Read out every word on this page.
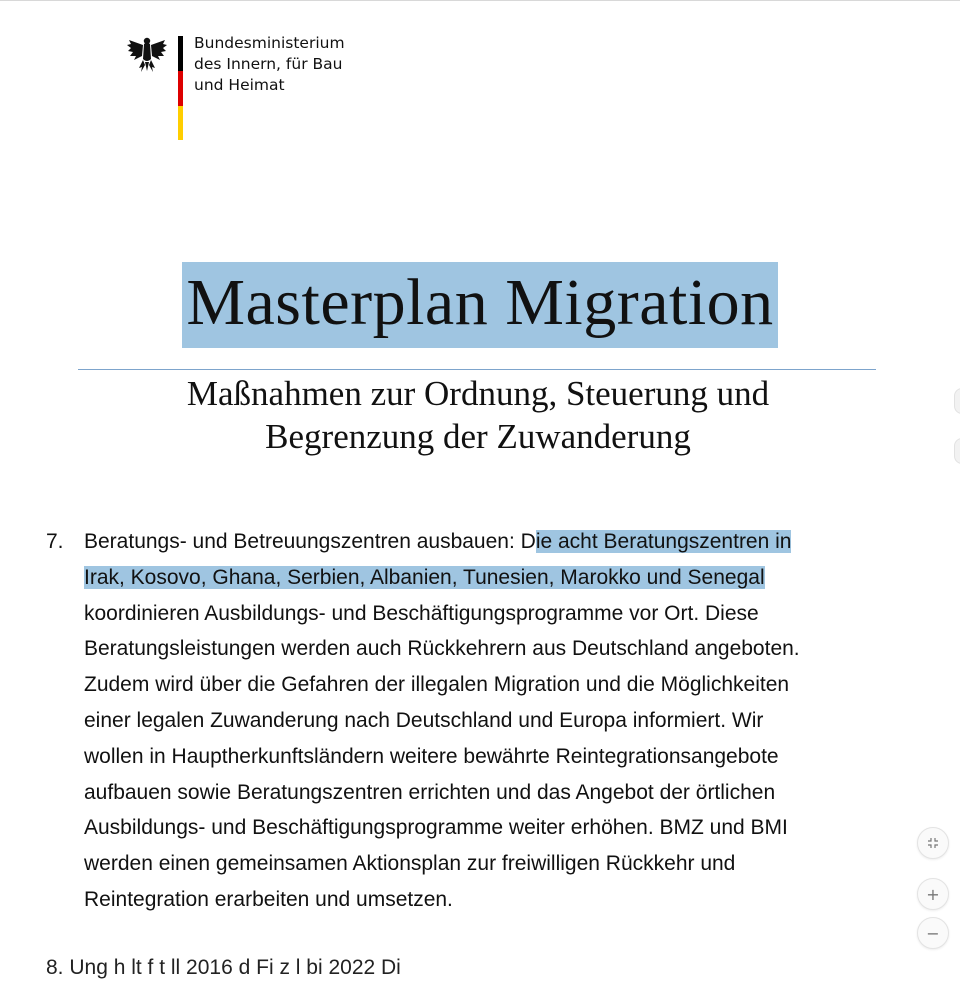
Bundesministerium
des Innern, für Bau
und Heimat
Masterplan Migration
Maßnahmen zur Ordnung, Steuerung und
Begrenzung der Zuwanderung
7. Beratungs- und Betreuungszentren ausbauen: Die acht Beratungszentren in
Irak, Kosovo, Ghana, Serbien, Albanien, Tunesien, Marokko und Senegal
koordinieren Ausbildungs- und Beschäftigungsprogramme vor Ort. Diese
Beratungsleistungen werden auch Rückkehrern aus Deutschland angeboten.
Zudem wird über die Gefahren der illegalen Migration und die Möglichkeiten
einer legalen Zuwanderung nach Deutschland und Europa informiert. Wir
wollen in Hauptherkunftsländern weitere bewährte Reintegrationsangebote
aufbauen sowie Beratungszentren errichten und das Angebot der örtlichen
Ausbildungs- und Beschäftigungsprogramme weiter erhöhen. BMZ und BMI
werden einen gemeinsamen Aktionsplan zur freiwilligen Rückkehr und
Reintegration erarbeiten und umsetzen.
8. Ung h lt f t ll 2016 d Fi z l bi 2022 Di
+
−
